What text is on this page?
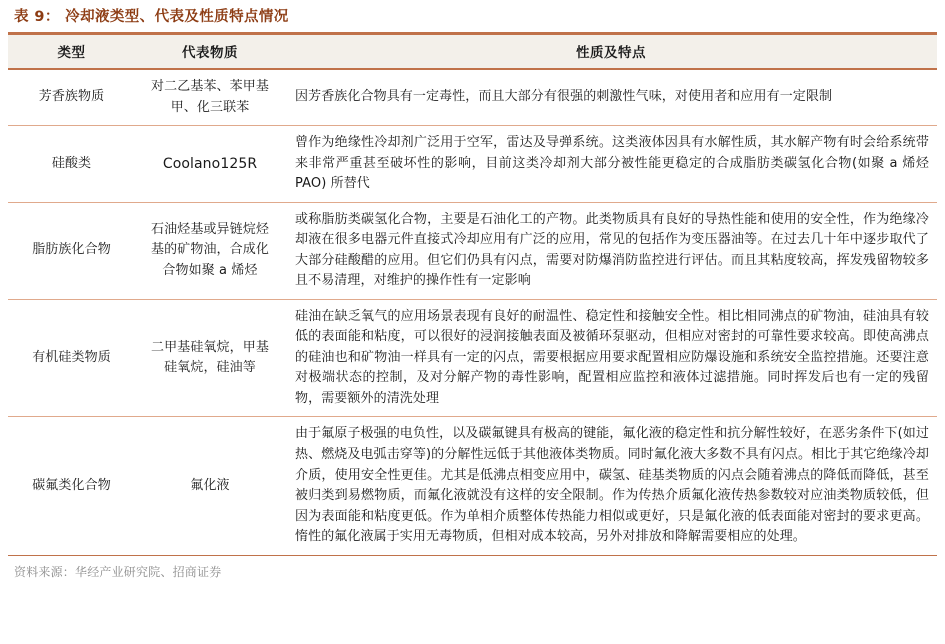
表 9： 冷却液类型、代表及性质特点情况
类型	代表物质	性质及特点
芳香族物质	对二乙基苯、苯甲基甲、化三联苯	因芳香族化合物具有一定毒性，而且大部分有很强的刺激性气味，对使用者和应用有一定限制
硅酸类	Coolano125R	曾作为绝缘性冷却剂广泛用于空军，雷达及导弹系统。这类液体因具有水解性质，其水解产物有时会给系统带来非常严重甚至破坏性的影响，目前这类冷却剂大部分被性能更稳定的合成脂肪类碳氢化合物(如聚 a 烯烃 PAO) 所替代
脂肪族化合物	石油烃基或异链烷烃基的矿物油，合成化合物如聚 a 烯烃	或称脂肪类碳氢化合物，主要是石油化工的产物。此类物质具有良好的导热性能和使用的安全性，作为绝缘冷却液在很多电器元件直接式冷却应用有广泛的应用，常见的包括作为变压器油等。在过去几十年中逐步取代了大部分硅酸醋的应用。但它们仍具有闪点，需要对防爆消防监控进行评估。而且其粘度较高，挥发残留物较多且不易清理，对维护的操作性有一定影响
有机硅类物质	二甲基硅氧烷，甲基硅氧烷，硅油等	硅油在缺乏氧气的应用场景表现有良好的耐温性、稳定性和接触安全性。相比相同沸点的矿物油，硅油具有较低的表面能和粘度，可以很好的浸润接触表面及被循环泵驱动，但相应对密封的可靠性要求较高。即使高沸点的硅油也和矿物油一样具有一定的闪点，需要根据应用要求配置相应防爆设施和系统安全监控措施。还要注意对极端状态的控制，及对分解产物的毒性影响，配置相应监控和液体过滤措施。同时挥发后也有一定的残留物，需要额外的清洗处理
碳氟类化合物	氟化液	由于氟原子极强的电负性，以及碳氟键具有极高的键能，氟化液的稳定性和抗分解性较好，在恶劣条件下(如过热、燃烧及电弧击穿等)的分解性远低于其他液体类物质。同时氟化液大多数不具有闪点。相比于其它绝缘冷却介质，使用安全性更佳。尤其是低沸点相变应用中，碳氢、硅基类物质的闪点会随着沸点的降低而降低，甚至被归类到易燃物质，而氟化液就没有这样的安全限制。作为传热介质氟化液传热参数较对应油类物质较低，但因为表面能和粘度更低。作为单相介质整体传热能力相似或更好，只是氟化液的低表面能对密封的要求更高。惰性的氟化液属于实用无毒物质，但相对成本较高，另外对排放和降解需要相应的处理。
资料来源：华经产业研究院、招商证券
